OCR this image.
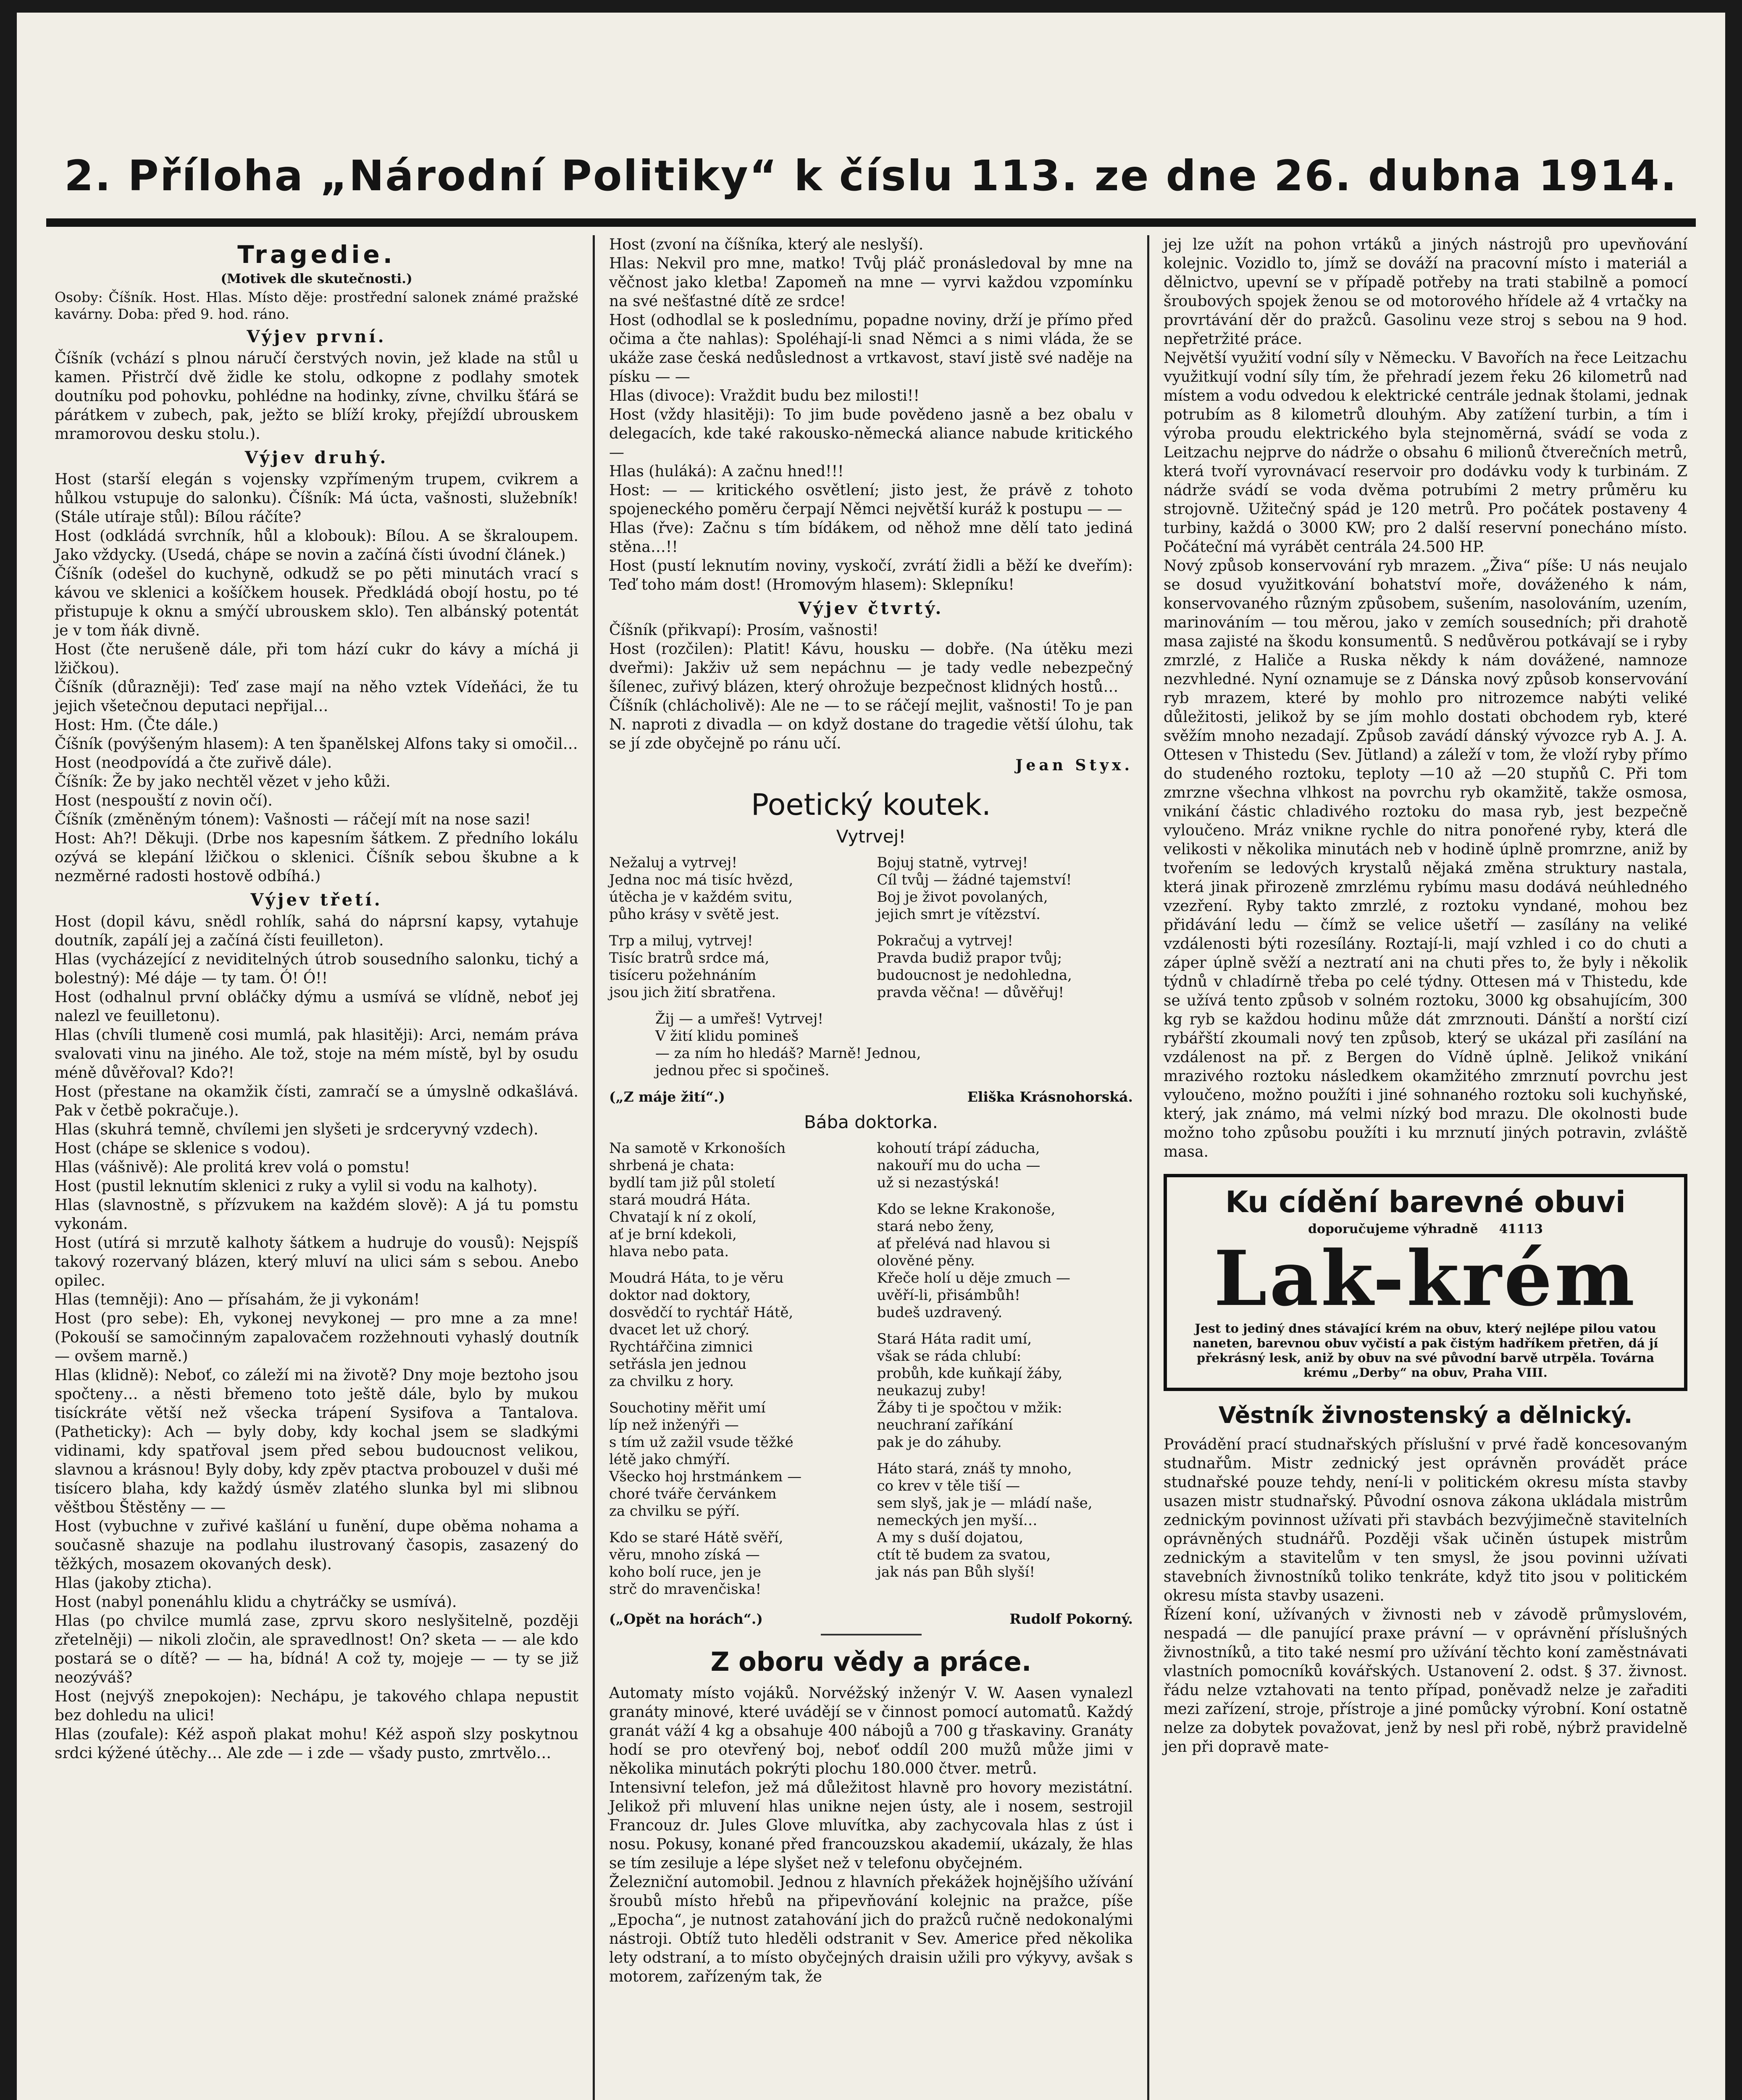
2. Příloha „Národní Politiky“ k číslu 113. ze dne 26. dubna 1914.
Tragedie.
(Motivek dle skutečnosti.)

Osoby: Číšník. Host. Hlas. Místo děje: prostřední salonek známé pražské kavárny. Doba: před 9. hod. ráno.

Výjev první.

Číšník (vchází s plnou náručí čerstvých novin, jež klade na stůl u kamen. Přistrčí dvě židle ke stolu, odkopne z podlahy smotek doutníku pod pohovku, pohlédne na hodinky, zívne, chvilku šťárá se párátkem v zubech, pak, ježto se blíží kroky, přejíždí ubrouskem mramorovou desku stolu.).

Výjev druhý.

Host (starší elegán s vojensky vzpřímeným trupem, cvikrem a hůlkou vstupuje do salonku). Číšník: Má úcta, vašnosti, služebník! (Stále utíraje stůl): Bílou ráčíte?

Host (odkládá svrchník, hůl a klobouk): Bílou. A se škraloupem. Jako vždycky. (Usedá, chápe se novin a začíná čísti úvodní článek.)

Číšník (odešel do kuchyně, odkudž se po pěti minutách vrací s kávou ve sklenici a košíčkem housek. Předkládá obojí hostu, po té přistupuje k oknu a smýčí ubrouskem sklo). Ten albánský potentát je v tom ňák divně.

Host (čte nerušeně dále, při tom hází cukr do kávy a míchá ji lžičkou).

Číšník (důrazněji): Teď zase mají na něho vztek Vídeňáci, že tu jejich všetečnou deputaci nepřijal…

Host: Hm. (Čte dále.)

Číšník (povýšeným hlasem): A ten španělskej Alfons taky si omočil…

Host (neodpovídá a čte zuřivě dále).

Číšník: Že by jako nechtěl vězet v jeho kůži.

Host (nespouští z novin očí).

Číšník (změněným tónem): Vašnosti — ráčejí mít na nose sazi!

Host: Ah?! Děkuji. (Drbe nos kapesním šátkem. Z předního lokálu ozývá se klepání lžičkou o sklenici. Číšník sebou škubne a k nezměrné radosti hostově odbíhá.)

Výjev třetí.

Host (dopil kávu, snědl rohlík, sahá do náprsní kapsy, vytahuje doutník, zapálí jej a začíná čísti feuilleton).

Hlas (vycházející z neviditelných útrob sousedního salonku, tichý a bolestný): Mé dáje — ty tam. Ó! Ó!!

Host (odhalnul první obláčky dýmu a usmívá se vlídně, neboť jej nalezl ve feuilletonu).

Hlas (chvíli tlumeně cosi mumlá, pak hlasitěji): Arci, nemám práva svalovati vinu na jiného. Ale tož, stoje na mém místě, byl by osudu méně důvěřoval? Kdo?!

Host (přestane na okamžik čísti, zamračí se a úmyslně odkašlává. Pak v četbě pokračuje.).

Hlas (skuhrá temně, chvílemi jen slyšeti je srdceryvný vzdech).

Host (chápe se sklenice s vodou).

Hlas (vášnivě): Ale prolitá krev volá o pomstu!

Host (pustil leknutím sklenici z ruky a vylil si vodu na kalhoty).

Hlas (slavnostně, s přízvukem na každém slově): A já tu pomstu vykonám.

Host (utírá si mrzutě kalhoty šátkem a hudruje do vousů): Nejspíš takový rozervaný blázen, který mluví na ulici sám s sebou. Anebo opilec.

Hlas (temněji): Ano — přísahám, že ji vykonám!

Host (pro sebe): Eh, vykonej nevykonej — pro mne a za mne! (Pokouší se samočinným zapalovačem rozžehnouti vyhaslý doutník — ovšem marně.)

Hlas (klidně): Neboť, co záleží mi na životě? Dny moje beztoho jsou spočteny… a něsti břemeno toto ještě dále, bylo by mukou tisíckráte větší než všecka trápení Sysifova a Tantalova. (Patheticky): Ach — byly doby, kdy kochal jsem se sladkými vidinami, kdy spatřoval jsem před sebou budoucnost velikou, slavnou a krásnou! Byly doby, kdy zpěv ptactva probouzel v duši mé tisícero blaha, kdy každý úsměv zlatého slunka byl mi slibnou věštbou Štěstěny — —

Host (vybuchne v zuřivé kašlání u funění, dupe oběma nohama a současně shazuje na podlahu ilustrovaný časopis, zasazený do těžkých, mosazem okovaných desk).

Hlas (jakoby zticha).

Host (nabyl ponenáhlu klidu a chytráčky se usmívá).

Hlas (po chvilce mumlá zase, zprvu skoro neslyšitelně, později zřetelněji) — nikoli zločin, ale spravedlnost! On? sketa — — ale kdo postará se o dítě? — — ha, bídná! A což ty, mojeje — — ty se již neozýváš?

Host (nejvýš znepokojen): Nechápu, je takového chlapa nepustit bez dohledu na ulici!

Hlas (zoufale): Kéž aspoň plakat mohu! Kéž aspoň slzy poskytnou srdci kýžené útěchy… Ale zde — i zde — všady pusto, zmrtvělo…

Host (zvoní na číšníka, který ale neslyší).

Hlas: Nekvil pro mne, matko! Tvůj pláč pronásledoval by mne na věčnost jako kletba! Zapomeň na mne — vyrvi každou vzpomínku na své nešťastné dítě ze srdce!

Host (odhodlal se k poslednímu, popadne noviny, drží je přímo před očima a čte nahlas): Spoléhají-li snad Němci a s nimi vláda, že se ukáže zase česká nedůslednost a vrtkavost, staví jistě své naděje na písku — —

Hlas (divoce): Vraždit budu bez milosti!!

Host (vždy hlasitěji): To jim bude povědeno jasně a bez obalu v delegacích, kde také rakousko-německá aliance nabude kritického —

Hlas (huláká): A začnu hned!!!

Host: — — kritického osvětlení; jisto jest, že právě z tohoto spojeneckého poměru čerpají Němci největší kuráž k postupu — —

Hlas (řve): Začnu s tím bídákem, od něhož mne dělí tato jediná stěna…!!

Host (pustí leknutím noviny, vyskočí, zvrátí židli a běží ke dveřím): Teď toho mám dost! (Hromovým hlasem): Sklepníku!

Výjev čtvrtý.

Číšník (přikvapí): Prosím, vašnosti!

Host (rozčilen): Platit! Kávu, housku — dobře. (Na útěku mezi dveřmi): Jakživ už sem nepáchnu — je tady vedle nebezpečný šílenec, zuřivý blázen, který ohrožuje bezpečnost klidných hostů…

Číšník (chlácholivě): Ale ne — to se ráčejí mejlit, vašnosti! To je pan N. naproti z divadla — on když dostane do tragedie větší úlohu, tak se jí zde obyčejně po ránu učí.

Jean Styx.
Poetický koutek.
Vytrvej!
Nežaluj a vytrvej!
Jedna noc má tisíc hvězd,
útěcha je v každém svitu,
půho krásy v světě jest.
Trp a miluj, vytrvej!
Tisíc bratrů srdce má,
tisíceru požehnáním
jsou jich žití sbratřena.
Bojuj statně, vytrvej!
Cíl tvůj — žádné tajemství!
Boj je život povolaných,
jejich smrt je vítězství.
Pokračuj a vytrvej!
Pravda budiž prapor tvůj;
budoucnost je nedohledna,
pravda věčna! — důvěřuj!
Žij — a umřeš! Vytrvej!
V žití klidu pomineš
— za ním ho hledáš? Marně! Jednou,
jednou přec si spočineš.
(„Z máje žití“.)	Eliška Krásnohorská.
Bába doktorka.
Na samotě v Krkonoších
shrbená je chata:
bydlí tam již půl století
stará moudrá Háta.
Chvatají k ní z okolí,
ať je brní kdekoli,
hlava nebo pata.
Moudrá Háta, to je věru
doktor nad doktory,
dosvědčí to rychtář Hátě,
dvacet let už chorý.
Rychtářčina zimnici
setřásla jen jednou
za chvilku z hory.
Souchotiny měřit umí
líp než inženýři —
s tím už zažil vsude těžké
létě jako chmýří.
Všecko hoj hrstmánkem —
choré tváře červánkem
za chvilku se pýří.
Kdo se staré Hátě svěří,
věru, mnoho získá —
koho bolí ruce, jen je
strč do mravenčiska!
kohoutí trápí záducha,
nakouří mu do ucha —
už si nezastýská!
Kdo se lekne Krakonoše,
stará nebo ženy,
ať přelévá nad hlavou si
olověné pěny.
Křeče holí u děje zmuch —
uvěří-li, přisámbůh!
budeš uzdravený.
Stará Háta radit umí,
však se ráda chlubí:
probůh, kde kuňkají žáby,
neukazuj zuby!
Žáby ti je spočtou v mžik:
neuchraní zaříkání
pak je do záhuby.
Háto stará, znáš ty mnoho,
co krev v těle tiší —
sem slyš, jak je — mládí naše,
nemeckých jen myší…
A my s duší dojatou,
ctít tě budem za svatou,
jak nás pan Bůh slyší!
(„Opět na horách“.)	Rudolf Pokorný.
Z oboru vědy a práce.

Automaty místo vojáků. Norvéžský inženýr V. W. Aasen vynalezl granáty minové, které uvádějí se v činnost pomocí automatů. Každý granát váží 4 kg a obsahuje 400 nábojů a 700 g třaskaviny. Granáty hodí se pro otevřený boj, neboť oddíl 200 mužů může jimi v několika minutách pokrýti plochu 180.000 čtver. metrů.

Intensivní telefon, jež má důležitost hlavně pro hovory mezistátní. Jelikož při mluvení hlas unikne nejen ústy, ale i nosem, sestrojil Francouz dr. Jules Glove mluvítka, aby zachycovala hlas z úst i nosu. Pokusy, konané před francouzskou akademií, ukázaly, že hlas se tím zesiluje a lépe slyšet než v telefonu obyčejném.

Železniční automobil. Jednou z hlavních překážek hojnějšího užívání šroubů místo hřebů na připevňování kolejnic na pražce, píše „Epocha“, je nutnost zatahování jich do pražců ručně nedokonalými nástroji. Obtíž tuto hleděli odstranit v Sev. Americe před několika lety odstraní, a to místo obyčejných draisin užili pro výkyvy, avšak s motorem, zařízeným tak, že

jej lze užít na pohon vrtáků a jiných nástrojů pro upevňování kolejnic. Vozidlo to, jímž se dováží na pracovní místo i materiál a dělnictvo, upevní se v případě potřeby na trati stabilně a pomocí šroubových spojek ženou se od motorového hřídele až 4 vrtačky na provrtávání děr do pražců. Gasolinu veze stroj s sebou na 9 hod. nepřetržité práce.

Největší využití vodní síly v Německu. V Bavořích na řece Leitzachu využitkují vodní síly tím, že přehradí jezem řeku 26 kilometrů nad místem a vodu odvedou k elektrické centrále jednak štolami, jednak potrubím as 8 kilometrů dlouhým. Aby zatížení turbin, a tím i výroba proudu elektrického byla stejnoměrná, svádí se voda z Leitzachu nejprve do nádrže o obsahu 6 milionů čtverečních metrů, která tvoří vyrovnávací reservoir pro dodávku vody k turbinám. Z nádrže svádí se voda dvěma potrubími 2 metry průměru ku strojovně. Užitečný spád je 120 metrů. Pro počátek postaveny 4 turbiny, každá o 3000 KW; pro 2 další reservní ponecháno místo. Počáteční má vyrábět centrála 24.500 HP.

Nový způsob konservování ryb mrazem. „Živa“ píše: U nás neujalo se dosud využitkování bohatství moře, dováženého k nám, konservovaného různým způsobem, sušením, nasolováním, uzením, marinováním — tou měrou, jako v zemích sousedních; při drahotě masa zajisté na škodu konsumentů. S nedůvěrou potkávají se i ryby zmrzlé, z Haliče a Ruska někdy k nám dovážené, namnoze nezvhledné. Nyní oznamuje se z Dánska nový způsob konservování ryb mrazem, které by mohlo pro nitrozemce nabýti veliké důležitosti, jelikož by se jím mohlo dostati obchodem ryb, které svěžím mnoho nezadají. Způsob zavádí dánský vývozce ryb A. J. A. Ottesen v Thistedu (Sev. Jütland) a záleží v tom, že vloží ryby přímo do studeného roztoku, teploty —10 až —20 stupňů C. Při tom zmrzne všechna vlhkost na povrchu ryb okamžitě, takže osmosa, vnikání částic chladivého roztoku do masa ryb, jest bezpečně vyloučeno. Mráz vnikne rychle do nitra ponořené ryby, která dle velikosti v několika minutách neb v hodině úplně promrzne, aniž by tvořením se ledových krystalů nějaká změna struktury nastala, která jinak přirozeně zmrzlému rybímu masu dodává neúhledného vzezření. Ryby takto zmrzlé, z roztoku vyndané, mohou bez přidávání ledu — čímž se velice ušetří — zasílány na veliké vzdálenosti býti rozesílány. Roztají-li, mají vzhled i co do chuti a záper úplně svěží a neztratí ani na chuti přes to, že byly i několik týdnů v chladírně třeba po celé týdny. Ottesen má v Thistedu, kde se užívá tento způsob v solném roztoku, 3000 kg obsahujícím, 300 kg ryb se každou hodinu může dát zmrznouti. Dánští a norští cizí rybářští zkoumali nový ten způsob, který se ukázal při zasílání na vzdálenost na př. z Bergen do Vídně úplně. Jelikož vnikání mrazivého roztoku následkem okamžitého zmrznutí povrchu jest vyloučeno, možno použíti i jiné sohnaného roztoku soli kuchyňské, který, jak známo, má velmi nízký bod mrazu. Dle okolnosti bude možno toho způsobu použíti i ku mrznutí jiných potravin, zvláště masa.

Ku cídění barevné obuvi
doporučujeme výhradně 41113
Lak-krém

Jest to jediný dnes stávající krém na obuv, který nejlépe pilou vatou naneten, barevnou obuv vyčistí a pak čistým hadříkem přetřen, dá jí překrásný lesk, aniž by obuv na své původní barvě utrpěla. Továrna krému „Derby“ na obuv, Praha VIII.

Věstník živnostenský a dělnický.

Provádění prací studnařských příslušní v prvé řadě koncesovaným studnařům. Mistr zednický jest oprávněn provádět práce studnařské pouze tehdy, není-li v politickém okresu místa stavby usazen mistr studnařský. Původní osnova zákona ukládala mistrům zednickým povinnost užívati při stavbách bezvýjimečně stavitelních oprávněných studnářů. Později však učiněn ústupek mistrům zednickým a stavitelům v ten smysl, že jsou povinni užívati stavebních živnostníků toliko tenkráte, když tito jsou v politickém okresu místa stavby usazeni.

Řízení koní, užívaných v živnosti neb v závodě průmyslovém, nespadá — dle panující praxe právní — v oprávnění příslušných živnostníků, a tito také nesmí pro užívání těchto koní zaměstnávati vlastních pomocníků kovářských. Ustanovení 2. odst. § 37. živnost. řádu nelze vztahovati na tento případ, poněvadž nelze je zařaditi mezi zařízení, stroje, přístroje a jiné pomůcky výrobní. Koní ostatně nelze za dobytek považovat, jenž by nesl při robě, nýbrž pravidelně jen při dopravě mate-
